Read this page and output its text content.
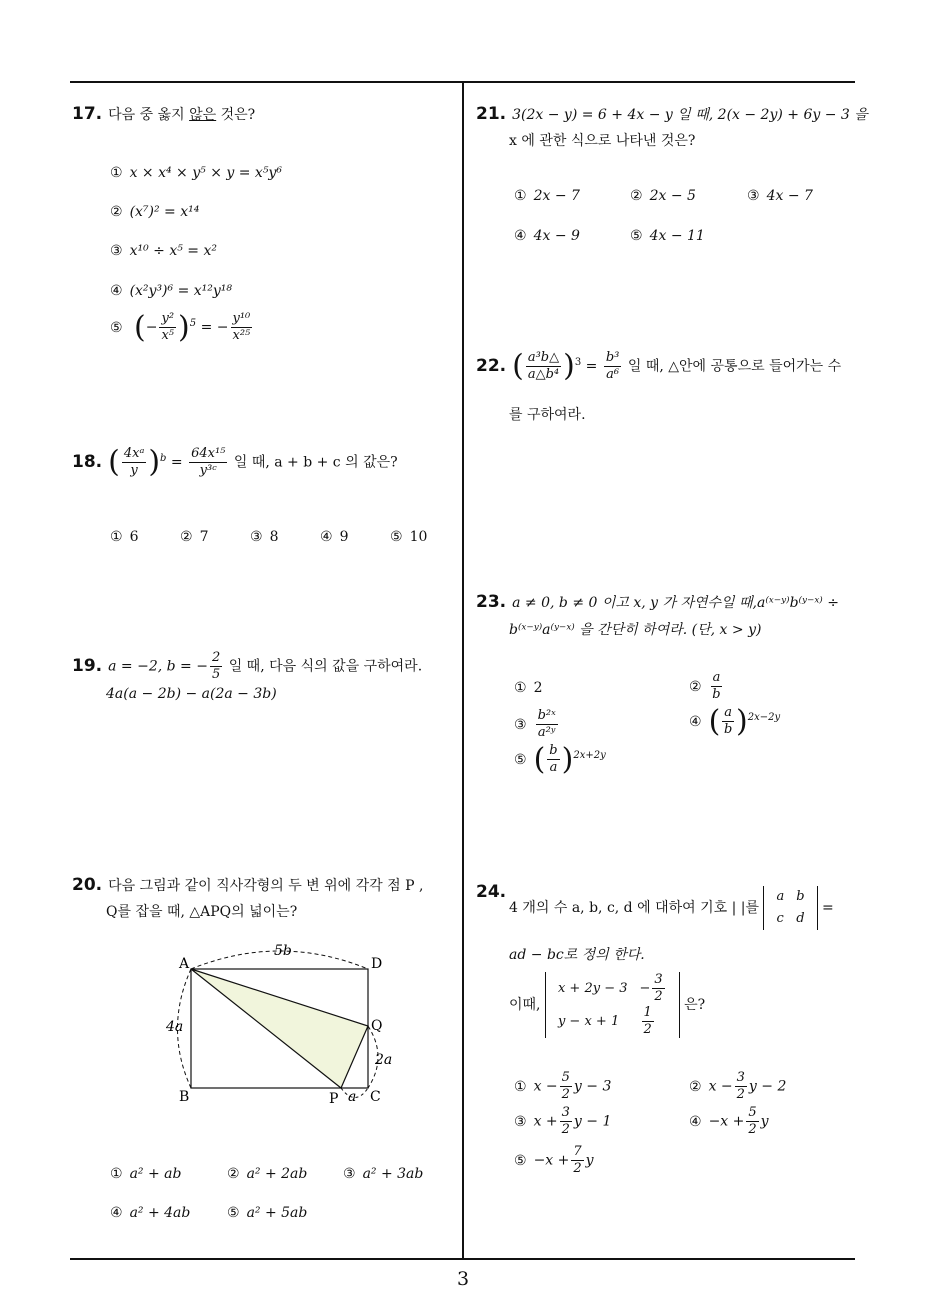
17. 다음 중 옳지 않은 것은?
① x × x⁴ × y⁵ × y = x⁵y⁶
② (x⁷)² = x¹⁴
③ x¹⁰ ÷ x⁵ = x²
④ (x²y³)⁶ = x¹²y¹⁸
⑤ (− $\frac{\text{y²}}{\text{x⁵}} )^5$ = − $\frac{\text{y¹⁰}}{\text{x²⁵}}$
18. ( $\frac{\text{4xᵃ}}{y} )^b = \frac{\text{64x¹⁵}}{\text{y³ᶜ}}$ 일 때, a + b + c 의 값은?
① 6	② 7	③ 8	④ 9	⑤ 10
19. a = −2, b = − $\frac{2}{5}$ 일 때, 다음 식의 값을 구하여라.
4a(a − 2b) − a(2a − 3b)
20. 다음 그림과 같이 직사각형의 두 변 위에 각각 점 P ,
Q를 잡을 때, △APQ의 넓이는?
A	D
B	C
P
Q
5b
4a
2a
a
① a² + ab	② a² + 2ab	③ a² + 3ab
④ a² + 4ab	⑤ a² + 5ab
21. 3(2x − y) = 6 + 4x − y 일 때, 2(x − 2y) + 6y − 3 을
x 에 관한 식으로 나타낸 것은?
① 2x − 7	② 2x − 5	③ 4x − 7
④ 4x − 9	⑤ 4x − 11
22. ( $\frac{\text{a³b△}}{\text{a△b⁴}} )^3 = \frac{\text{b³}}{\text{a⁶}}$ 일 때, △안에 공통으로 들어가는 수
를 구하여라.
23. a ≠ 0, b ≠ 0 이고 x, y 가 자연수일 때,a⁽ˣ⁻ʸ⁾b⁽ʸ⁻ˣ⁾ ÷
b⁽ˣ⁻ʸ⁾a⁽ʸ⁻ˣ⁾ 을 간단히 하여라. (단, x > y)
① 2	② $\frac{a}{b}$
③ $\frac{\text{b²ˣ}}{\text{a²ʸ}}$	④ ( $\frac{a}{b} )^{2x-2y}$
⑤ ( $\frac{b}{a} )^{2x+2y}$
24.
4 개의 수 a, b, c, d 에 대하여 기호 | |를
a	b
c	d
=
ad − bc로 정의 한다.
이때,
x + 2y − 3	− $\frac{3}{2}$

y − x + 1	$\frac{1}{2}$ 은?
① $x - \frac{5}{2}$ y − 3	② $x - \frac{3}{2}$ y − 2
③ $x + \frac{3}{2}$ y − 1	④ $-x + \frac{5}{2}$ y
⑤ $-x + \frac{7}{2}$ y
3
